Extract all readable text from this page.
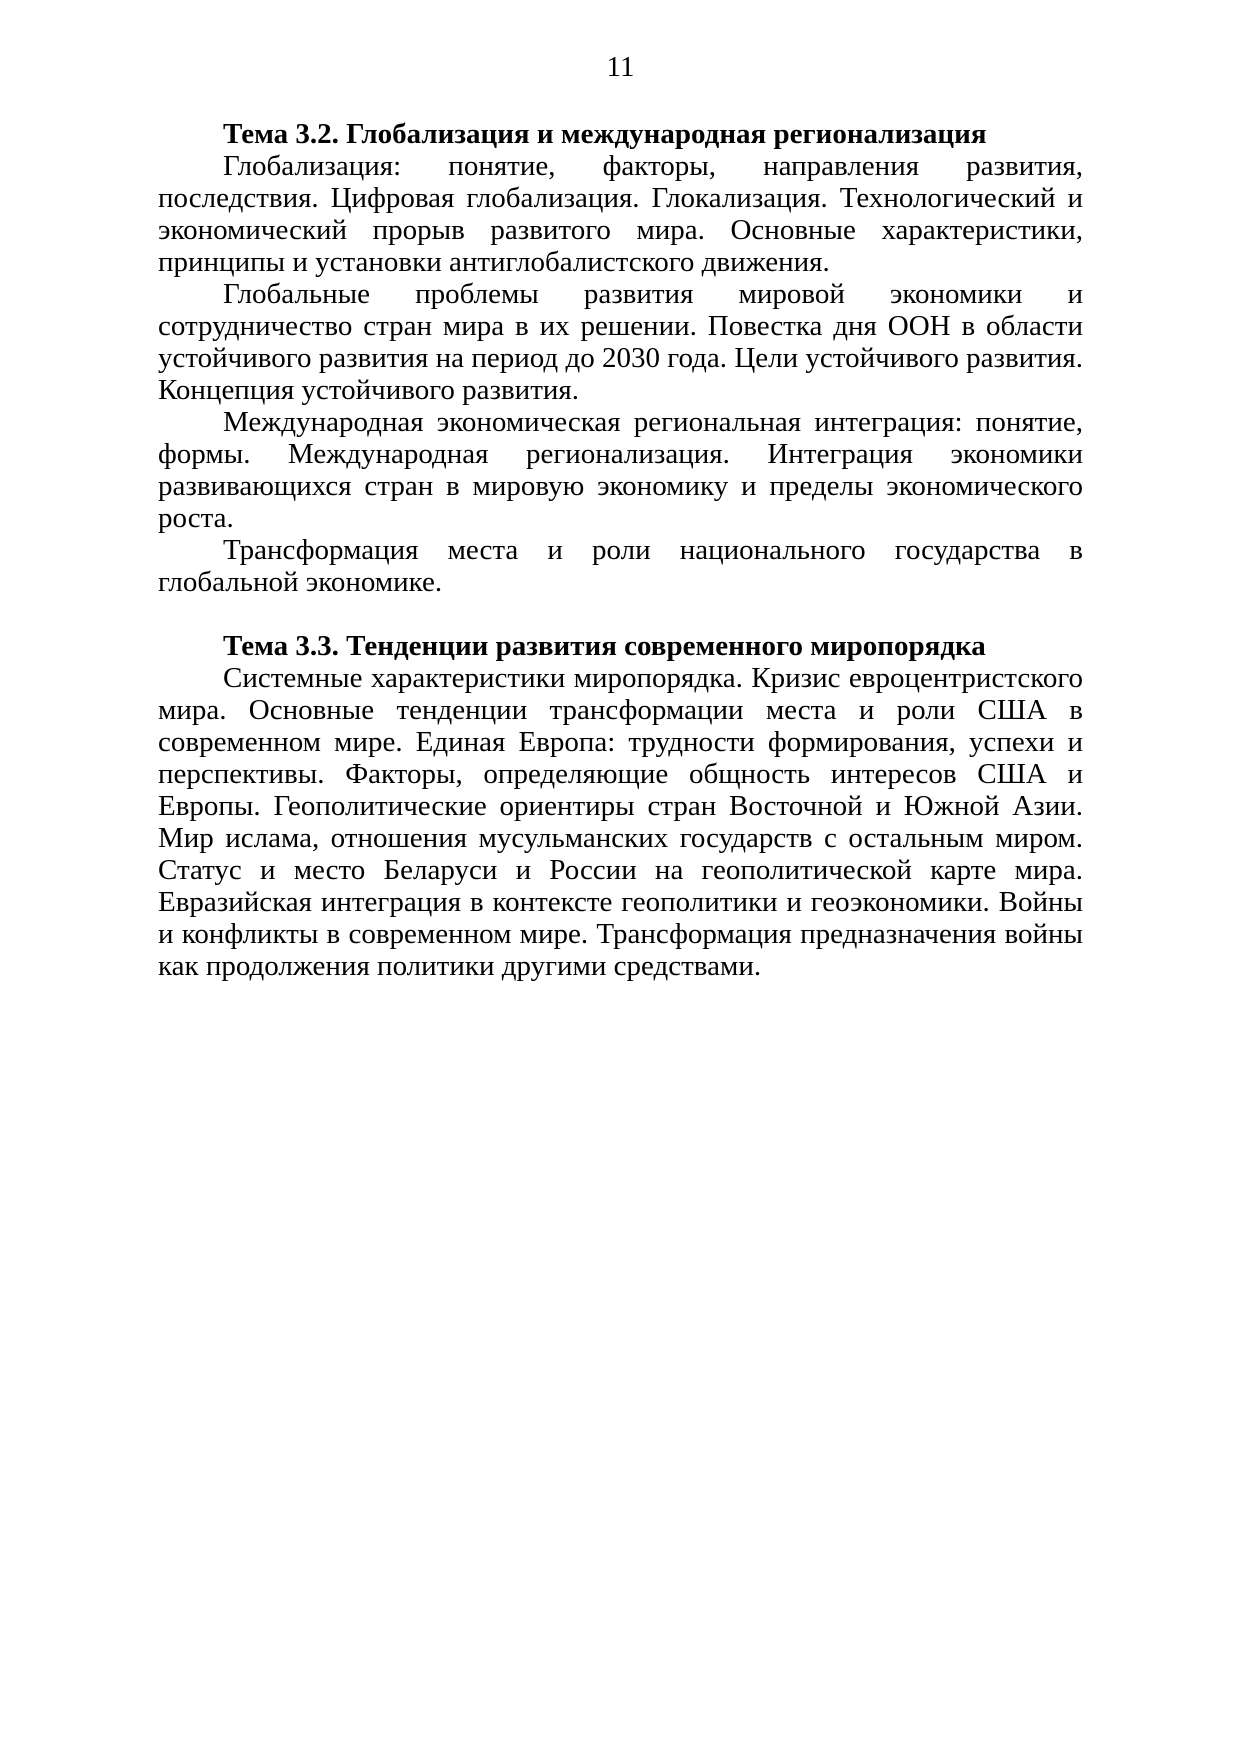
11
Тема 3.2. Глобализация и международная регионализация

Глобализация: понятие, факторы, направления развития, последствия. Цифровая глобализация. Глокализация. Технологический и экономический прорыв развитого мира. Основные характеристики, принципы и установки антиглобалистского движения.

Глобальные проблемы развития мировой экономики и сотрудничество стран мира в их решении. Повестка дня ООН в области устойчивого развития на период до 2030 года. Цели устойчивого развития. Концепция устойчивого развития.

Международная экономическая региональная интеграция: понятие, формы. Международная регионализация. Интеграция экономики развивающихся стран в мировую экономику и пределы экономического роста.

Трансформация места и роли национального государства в глобальной экономике.

Тема 3.3. Тенденции развития современного миропорядка

Системные характеристики миропорядка. Кризис евроцентристского мира. Основные тенденции трансформации места и роли США в современном мире. Единая Европа: трудности формирования, успехи и перспективы. Факторы, определяющие общность интересов США и Европы. Геополитические ориентиры стран Восточной и Южной Азии. Мир ислама, отношения мусульманских государств с остальным миром. Статус и место Беларуси и России на геополитической карте мира. Евразийская интеграция в контексте геополитики и геоэкономики. Войны и конфликты в современном мире. Трансформация предназначения войны как продолжения политики другими средствами.
